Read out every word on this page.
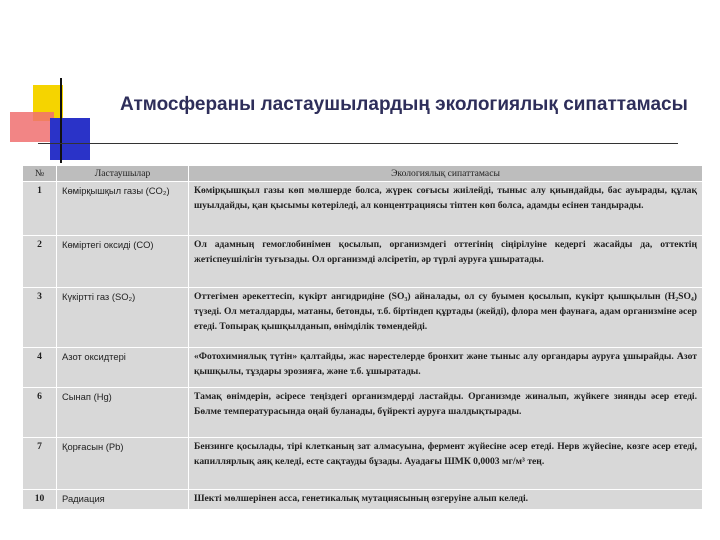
Атмосфераны ластаушылардың экологиялық сипаттамасы
№	Ластаушылар	Экологиялық сипаттамасы
1	Көмірқышқыл газы (CO₂)	Көмірқышқыл газы көп мөлшерде болса, жүрек соғысы жиілейді, тыныс алу қиындайды, бас ауырады, құлақ шуылдайды, қан қысымы көтеріледі, ал концентрациясы тіптен көп болса, адамды есінен тандырады.
2	Көміртегі оксиді (CO)	Ол адамның гемоглобинімен қосылып, организмдегі оттегінің сіңірілуіне кедергі жасайды да, оттектің жетіспеушілігін туғызады. Ол организмді әлсіретіп, әр түрлі ауруға ұшыратады.
3	Күкіртті газ (SO₂)	Оттегімен әрекеттесіп, күкірт ангидридіне (SO₃) айналады, ол су буымен қосылып, күкірт қышқылын (H₂SO₄) түзеді. Ол металдарды, матаны, бетонды, т.б. біртіндеп құртады (жейді), флора мен фаунаға, адам организміне әсер етеді. Топырақ қышқылданып, өнімділік төмендейді.
4	Азот оксидтері	«Фотохимиялық түтін» қалтайды, жас нәрестелерде бронхит және тыныс алу органдары ауруға ұшырайды. Азот қышқылы, тұздары эрозияға, және т.б. ұшыратады.
6	Сынап (Hg)	Тамақ өнімдерін, әсіресе теңіздегі организмдерді ластайды. Организмде жиналып, жүйкеге зиянды әсер етеді. Бөлме температурасында оңай буланады, бүйректі ауруға шалдықтырады.
7	Қорғасын (Pb)	Бензинге қосылады, тірі клетканың зат алмасуына, фермент жүйесіне әсер етеді. Нерв жүйесіне, көзге әсер етеді, капиллярлық аяқ келеді, есте сақтауды бұзады. Ауадағы ШМК 0,0003 мг/м³ тең.
10	Радиация	Шекті мөлшерінен асса, генетикалық мутациясының өзгеруіне алып келеді.
